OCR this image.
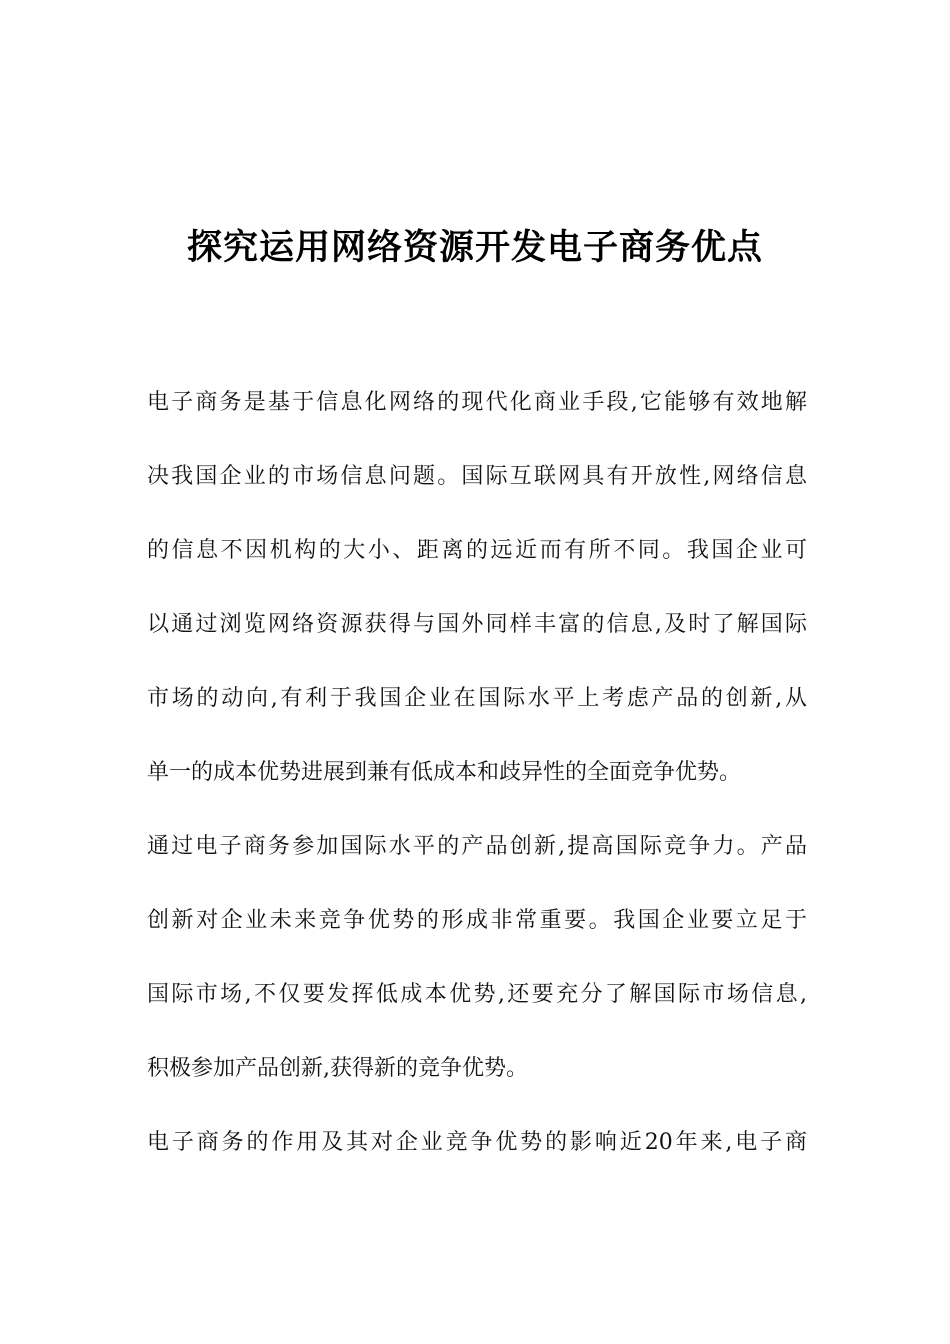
探究运用网络资源开发电子商务优点

电子商务是基于信息化网络的现代化商业手段,它能够有效地解

决我国企业的市场信息问题。国际互联网具有开放性,网络信息

的信息不因机构的大小、距离的远近而有所不同。我国企业可

以通过浏览网络资源获得与国外同样丰富的信息,及时了解国际

市场的动向,有利于我国企业在国际水平上考虑产品的创新,从

单一的成本优势进展到兼有低成本和歧异性的全面竞争优势。

通过电子商务参加国际水平的产品创新,提高国际竞争力。产品

创新对企业未来竞争优势的形成非常重要。我国企业要立足于

国际市场,不仅要发挥低成本优势,还要充分了解国际市场信息,

积极参加产品创新,获得新的竞争优势。

电子商务的作用及其对企业竞争优势的影响近20年来,电子商
